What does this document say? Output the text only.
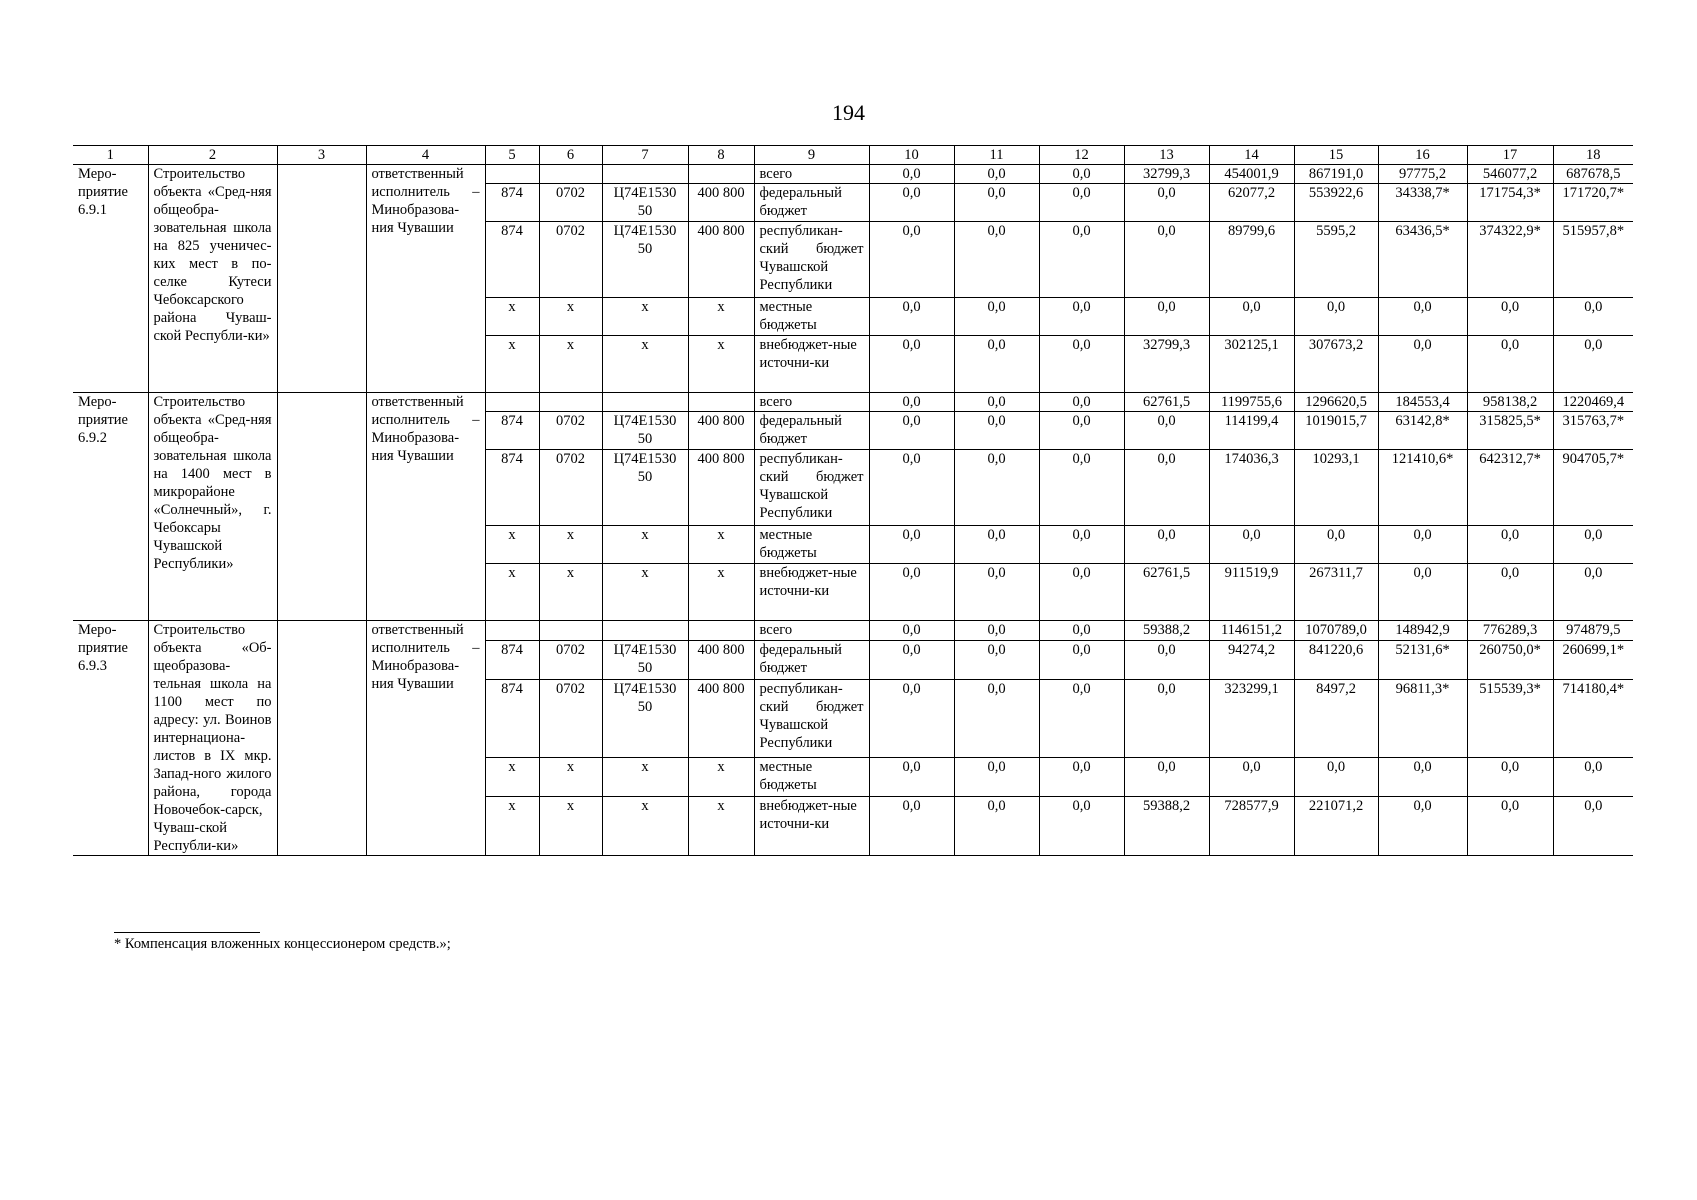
194
1	2	3	4	5	6	7	8	9	10	11	12	13	14	15	16	17	18
Меро-приятие 6.9.1	Строительство объекта «Сред-няя общеобра-зовательная школа на 825 ученичес-ких мест в по-селке Кутеси Чебоксарского района Чуваш-ской Республи-ки»		ответственный исполнитель – Минобразова-ния Чувашии					всего	0,0	0,0	0,0	32799,3	454001,9	867191,0	97775,2	546077,2	687678,5
				874	0702	Ц74Е1530 50	400 800	федеральный бюджет	0,0	0,0	0,0	0,0	62077,2	553922,6	34338,7*	171754,3*	171720,7*
				874	0702	Ц74Е1530 50	400 800	республикан-ский бюджет Чувашской Республики	0,0	0,0	0,0	0,0	89799,6	5595,2	63436,5*	374322,9*	515957,8*
				x	x	x	x	местные бюджеты	0,0	0,0	0,0	0,0	0,0	0,0	0,0	0,0	0,0
				x	x	x	x	внебюджет-ные источни-ки	0,0	0,0	0,0	32799,3	302125,1	307673,2	0,0	0,0	0,0
Меро-приятие 6.9.2	Строительство объекта «Сред-няя общеобра-зовательная школа на 1400 мест в микрорайоне «Солнечный», г. Чебоксары Чувашской Республики»		ответственный исполнитель – Минобразова-ния Чувашии					всего	0,0	0,0	0,0	62761,5	1199755,6	1296620,5	184553,4	958138,2	1220469,4
				874	0702	Ц74Е1530 50	400 800	федеральный бюджет	0,0	0,0	0,0	0,0	114199,4	1019015,7	63142,8*	315825,5*	315763,7*
				874	0702	Ц74Е1530 50	400 800	республикан-ский бюджет Чувашской Республики	0,0	0,0	0,0	0,0	174036,3	10293,1	121410,6*	642312,7*	904705,7*
				x	x	x	x	местные бюджеты	0,0	0,0	0,0	0,0	0,0	0,0	0,0	0,0	0,0
				x	x	x	x	внебюджет-ные источни-ки	0,0	0,0	0,0	62761,5	911519,9	267311,7	0,0	0,0	0,0
Меро-приятие 6.9.3	Строительство объекта «Об-щеобразова-тельная школа на 1100 мест по адресу: ул. Воинов интернациона-листов в IX мкр. Запад-ного жилого района, города Новочебок-сарск, Чуваш-ской Республи-ки»		ответственный исполнитель – Минобразова-ния Чувашии					всего	0,0	0,0	0,0	59388,2	1146151,2	1070789,0	148942,9	776289,3	974879,5
				874	0702	Ц74Е1530 50	400 800	федеральный бюджет	0,0	0,0	0,0	0,0	94274,2	841220,6	52131,6*	260750,0*	260699,1*
				874	0702	Ц74Е1530 50	400 800	республикан-ский бюджет Чувашской Республики	0,0	0,0	0,0	0,0	323299,1	8497,2	96811,3*	515539,3*	714180,4*
				x	x	x	x	местные бюджеты	0,0	0,0	0,0	0,0	0,0	0,0	0,0	0,0	0,0
				x	x	x	x	внебюджет-ные источни-ки	0,0	0,0	0,0	59388,2	728577,9	221071,2	0,0	0,0	0,0
* Компенсация вложенных концессионером средств.»;
